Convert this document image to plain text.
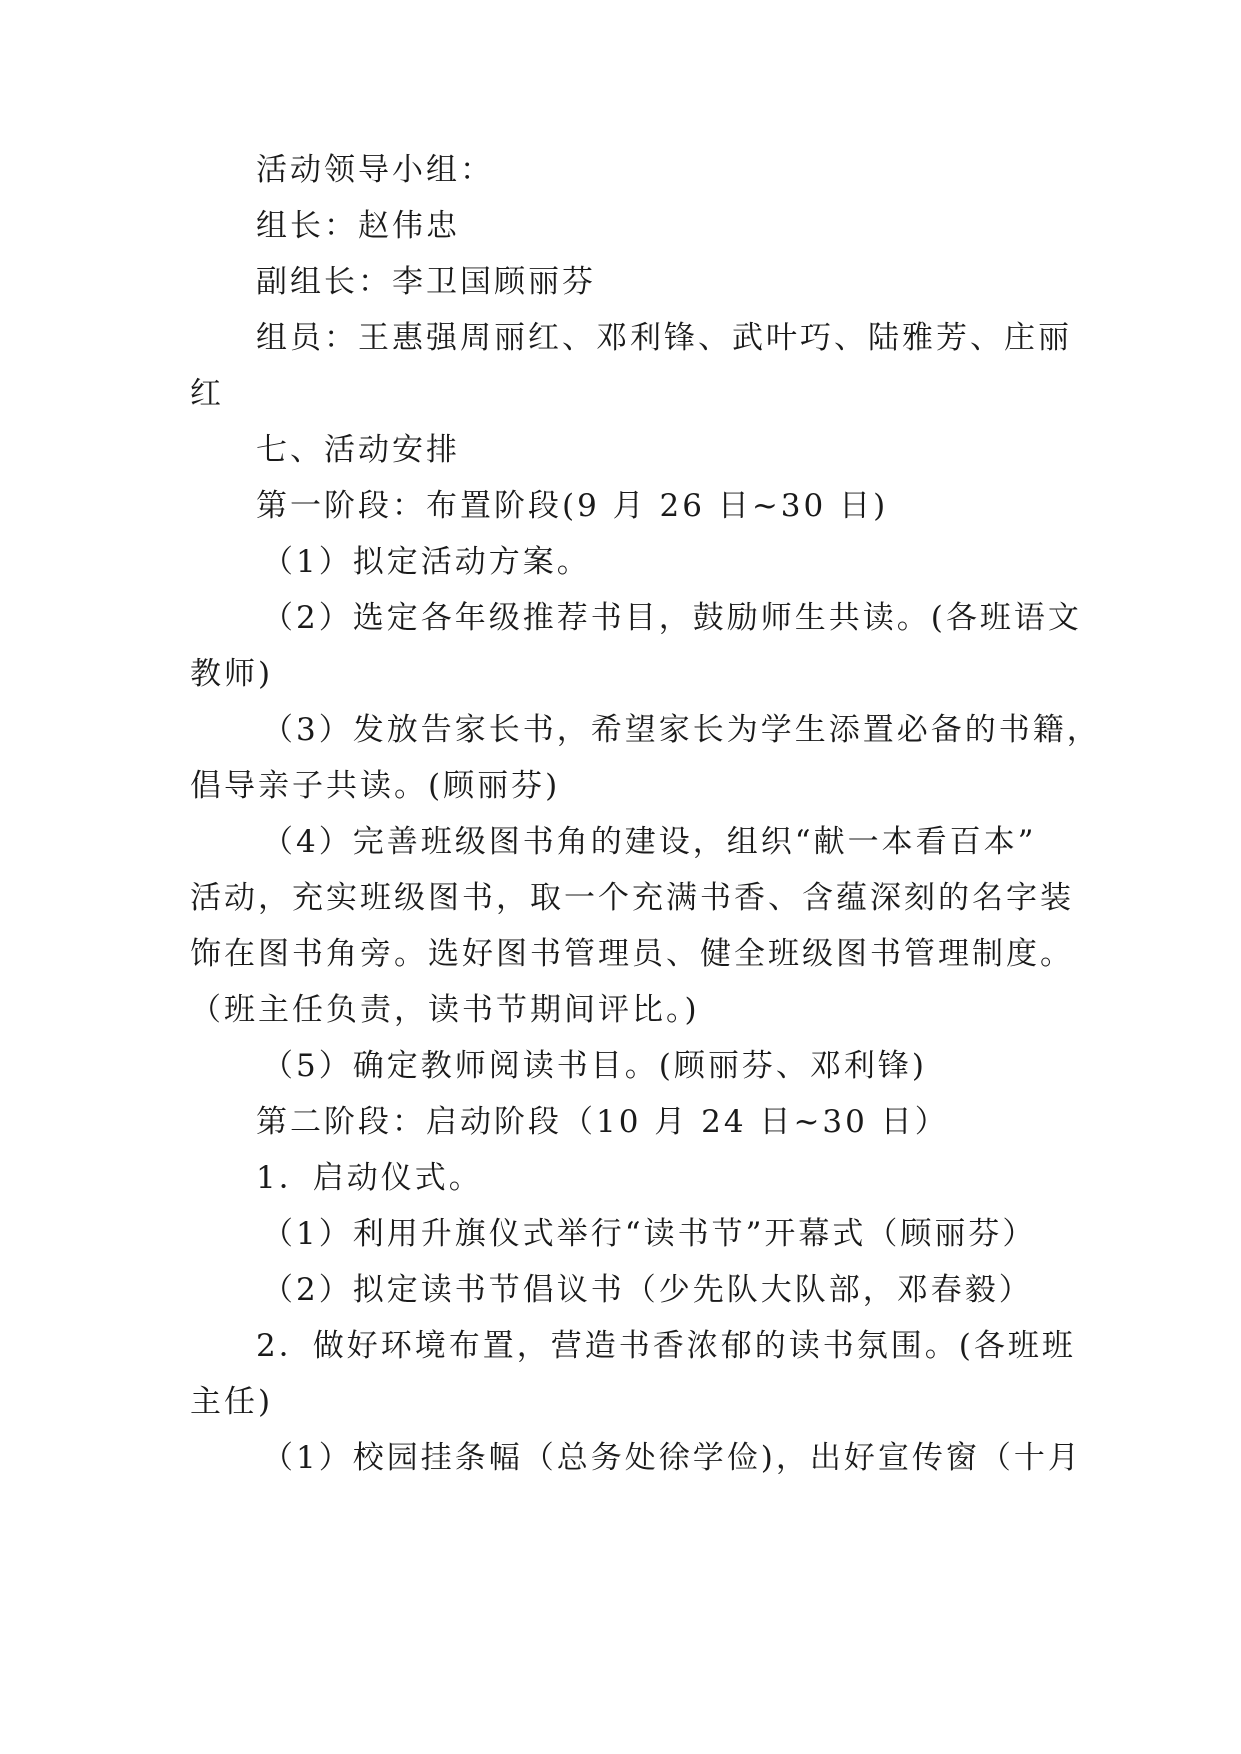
活动领导小组：

组长：赵伟忠

副组长：李卫国顾丽芬

组员：王惠强周丽红、邓利锋、武叶巧、陆雅芳、庄丽

红

七、活动安排

第一阶段：布置阶段(9 月 26 日~30 日)

（1）拟定活动方案。

（2）选定各年级推荐书目，鼓励师生共读。(各班语文

教师)

（3）发放告家长书，希望家长为学生添置必备的书籍，

倡导亲子共读。(顾丽芬)

（4）完善班级图书角的建设，组织“献一本看百本”

活动，充实班级图书，取一个充满书香、含蕴深刻的名字装

饰在图书角旁。选好图书管理员、健全班级图书管理制度。

（班主任负责，读书节期间评比。)

（5）确定教师阅读书目。(顾丽芬、邓利锋)

第二阶段：启动阶段（10 月 24 日~30 日）

1．启动仪式。

（1）利用升旗仪式举行“读书节”开幕式（顾丽芬）

（2）拟定读书节倡议书（少先队大队部，邓春毅）

2．做好环境布置，营造书香浓郁的读书氛围。(各班班

主任)

（1）校园挂条幅（总务处徐学俭)，出好宣传窗（十月
